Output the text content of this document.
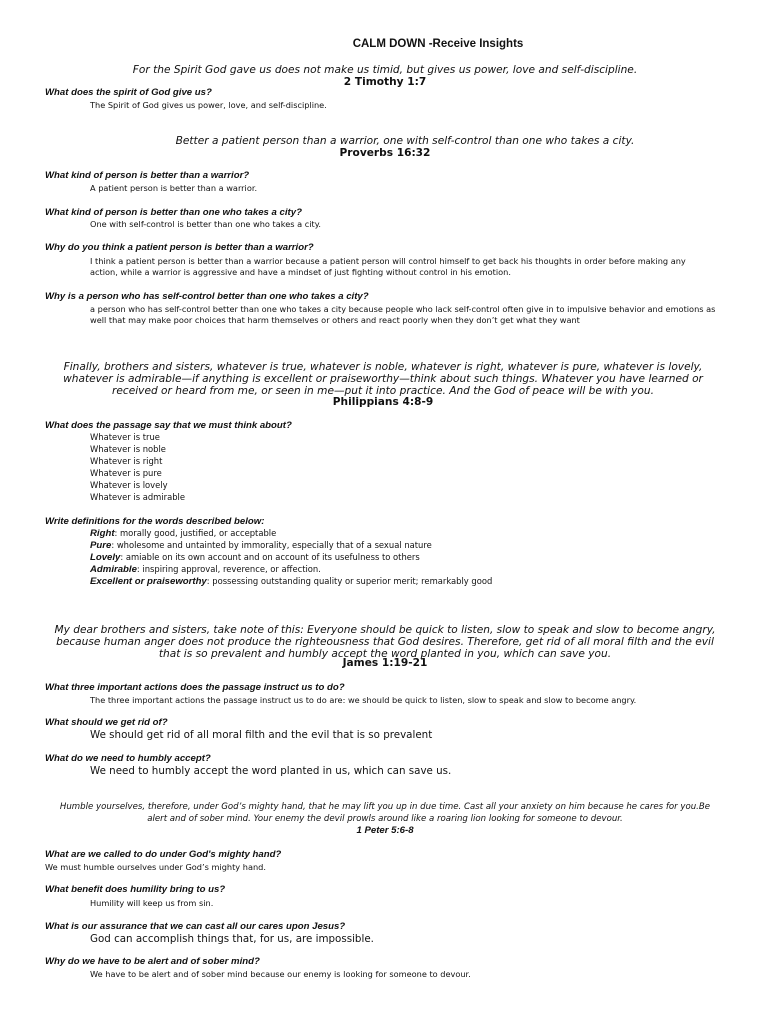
CALM DOWN -Receive Insights
For the Spirit God gave us does not make us timid, but gives us power, love and self-discipline.
2 Timothy 1:7
What does the spirit of God give us?
The Spirit of God gives us power, love, and self-discipline.
Better a patient person than a warrior, one with self-control than one who takes a city.
Proverbs 16:32
What kind of person is better than a warrior?
A patient person is better than a warrior.
What kind of person is better than one who takes a city?
One with self-control is better than one who takes a city.
Why do you think a patient person is better than a warrior?
I think a patient person is better than a warrior because a patient person will control himself to get back his thoughts in order before making any action, while a warrior is aggressive and have a mindset of just fighting without control in his emotion.
Why is a person who has self-control better than one who takes a city?
a person who has self-control better than one who takes a city because people who lack self-control often give in to impulsive behavior and emotions as well that may make poor choices that harm themselves or others and react poorly when they don’t get what they want
Finally, brothers and sisters, whatever is true, whatever is noble, whatever is right, whatever is pure, whatever is lovely, whatever is admirable—if anything is excellent or praiseworthy—think about such things. Whatever you have learned or received or heard from me, or seen in me—put it into practice. And the God of peace will be with you.
Philippians 4:8-9
What does the passage say that we must think about?
Whatever is true
Whatever is noble
Whatever is right
Whatever is pure
Whatever is lovely
Whatever is admirable
Write definitions for the words described below:
Right: morally good, justified, or acceptable
Pure: wholesome and untainted by immorality, especially that of a sexual nature
Lovely: amiable on its own account and on account of its usefulness to others
Admirable: inspiring approval, reverence, or affection.
Excellent or praiseworthy: possessing outstanding quality or superior merit; remarkably good
My dear brothers and sisters, take note of this: Everyone should be quick to listen, slow to speak and slow to become angry, because human anger does not produce the righteousness that God desires. Therefore, get rid of all moral filth and the evil that is so prevalent and humbly accept the word planted in you, which can save you.
James 1:19-21
What three important actions does the passage instruct us to do?
The three important actions the passage instruct us to do are: we should be quick to listen, slow to speak and slow to become angry.
What should we get rid of?
We should get rid of all moral filth and the evil that is so prevalent
What do we need to humbly accept?
We need to humbly accept the word planted in us, which can save us.
Humble yourselves, therefore, under God’s mighty hand, that he may lift you up in due time. Cast all your anxiety on him because he cares for you.Be alert and of sober mind. Your enemy the devil prowls around like a roaring lion looking for someone to devour.
1 Peter 5:6-8
What are we called to do under God's mighty hand?
We must humble ourselves under God’s mighty hand.
What benefit does humility bring to us?
Humility will keep us from sin.
What is our assurance that we can cast all our cares upon Jesus?
God can accomplish things that, for us, are impossible.
Why do we have to be alert and of sober mind?
We have to be alert and of sober mind because our enemy is looking for someone to devour.
